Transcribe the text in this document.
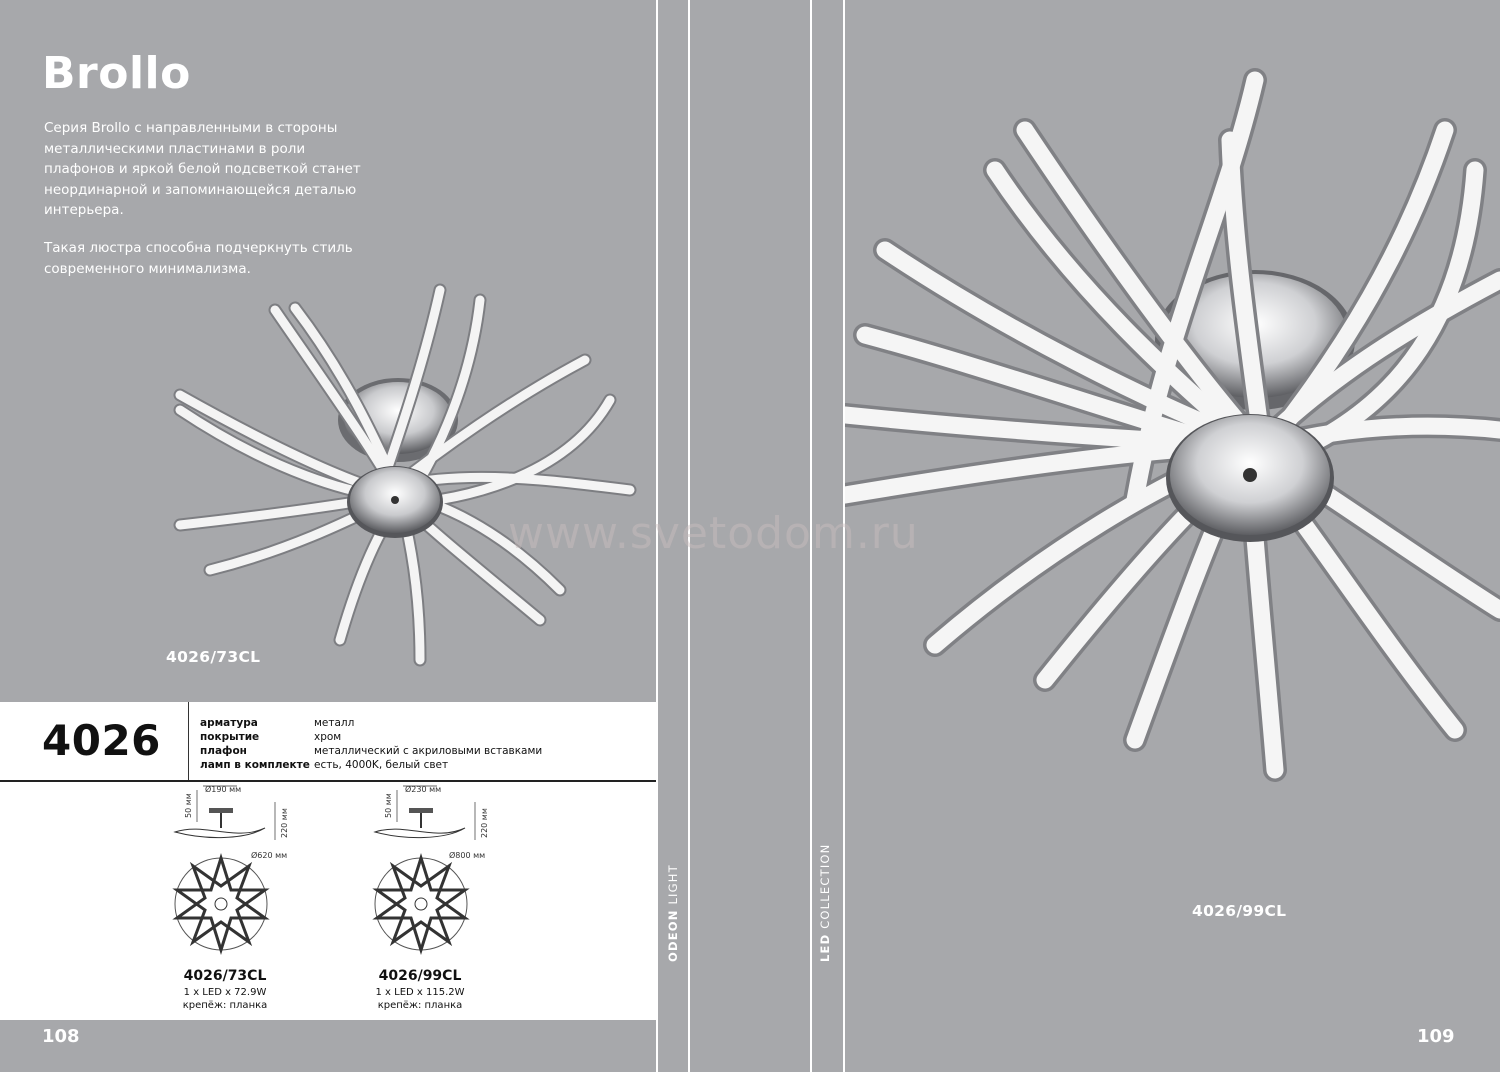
Brollo

Серия Brollo с направленными в стороны металлическими пластинами в роли плафонов и яркой белой подсветкой станет неординарной и запоминающейся деталью интерьера.

Такая люстра способна подчеркнуть стиль современного минимализма.

4026/73CL
4026	арматура
покрытие
плафон
ламп в комплекте
металл
хром
металлический с акриловыми вставками
есть, 4000K, белый свет
Ø190 мм
50 мм
220 мм
Ø620 мм
4026/73CL
1 x LED x 72.9W
крепёж: планка
Ø230 мм
50 мм
220 мм
Ø800 мм
4026/99CL
1 x LED x 115.2W
крепёж: планка
108
ODEON LIGHT
LED COLLECTION	4026/99CL
109
www.svetodom.ru
